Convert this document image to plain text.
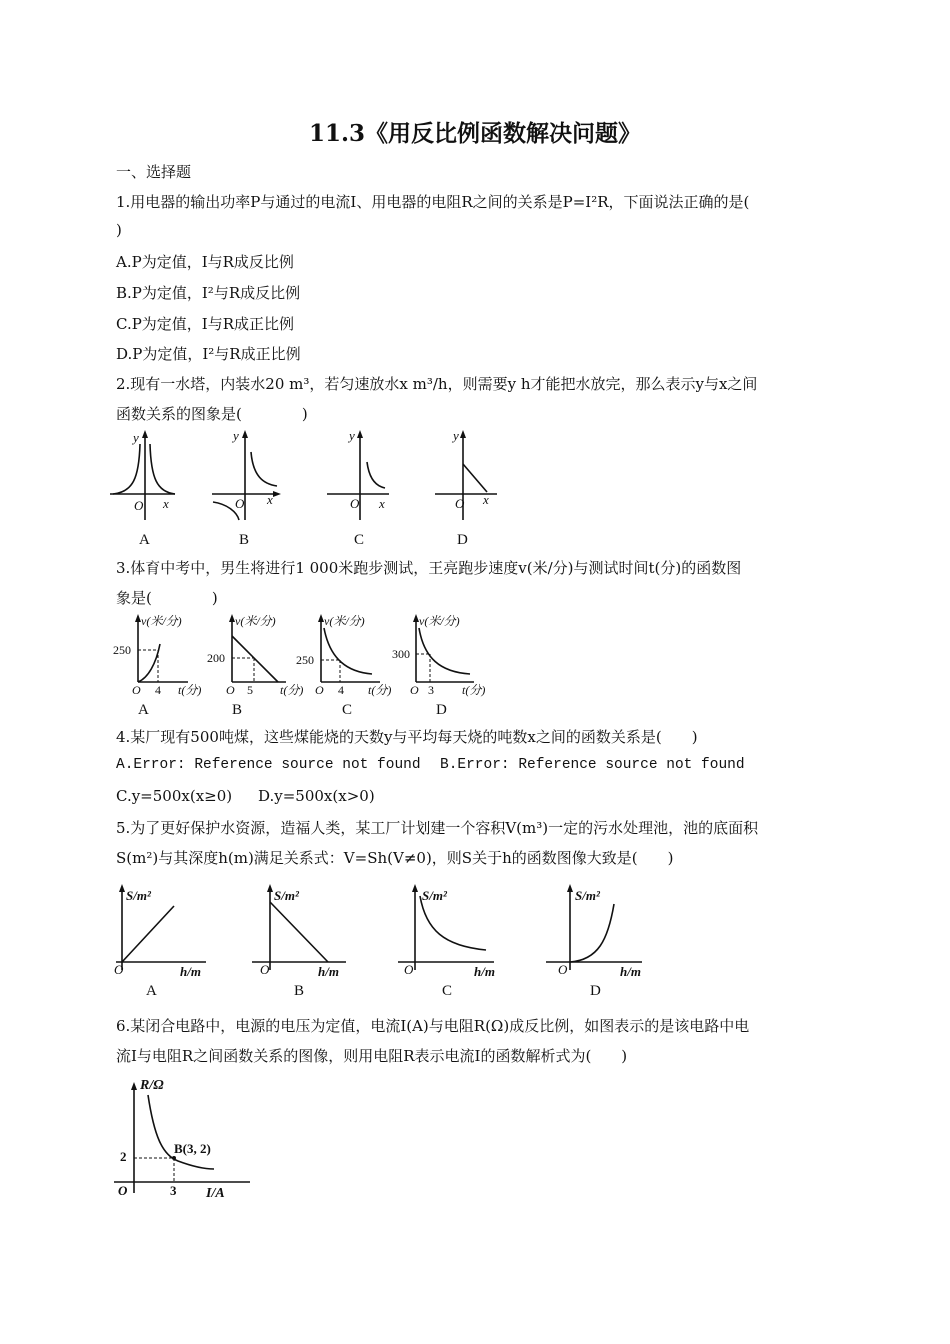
11.3《用反比例函数解决问题》
一、选择题
1.用电器的输出功率P与通过的电流I、用电器的电阻R之间的关系是P=I²R，下面说法正确的是(
)
A.P为定值，I与R成反比例
B.P为定值，I²与R成反比例
C.P为定值，I与R成正比例
D.P为定值，I²与R成正比例
2.现有一水塔，内装水20 m³，若匀速放水x m³/h，则需要y h才能把水放完，那么表示y与x之间
函数关系的图象是(　　　　)
y
O x
A
y
O x
B
y
O x
C
y
O x
D
3.体育中考中，男生将进行1 000米跑步测试，王亮跑步速度v(米/分)与测试时间t(分)的函数图
象是(　　　　)
v(米/分)
250
O 4 t(分)
A
v(米/分)
200
O 5 t(分)
B
v(米/分)
250
O 4 t(分)
C
v(米/分)
300
O 3 t(分)
D
4.某厂现有500吨煤，这些煤能烧的天数y与平均每天烧的吨数x之间的函数关系是(　　)
A.Error: Reference source not found B.Error: Reference source not found
C.y=500x(x≥0) D.y=500x(x>0)
5.为了更好保护水资源，造福人类，某工厂计划建一个容积V(m³)一定的污水处理池，池的底面积
S(m²)与其深度h(m)满足关系式：V=Sh(V≠0)，则S关于h的函数图像大致是(　　)
S/m²
O	h/m
A
S/m²
O	h/m
B
S/m²
O	h/m
C
S/m²
O	h/m
D
6.某闭合电路中，电源的电压为定值，电流I(A)与电阻R(Ω)成反比例，如图表示的是该电路中电
流I与电阻R之间函数关系的图像，则用电阻R表示电流I的函数解析式为(　　)
R/Ω
2
B(3, 2)
O	3 I/A
